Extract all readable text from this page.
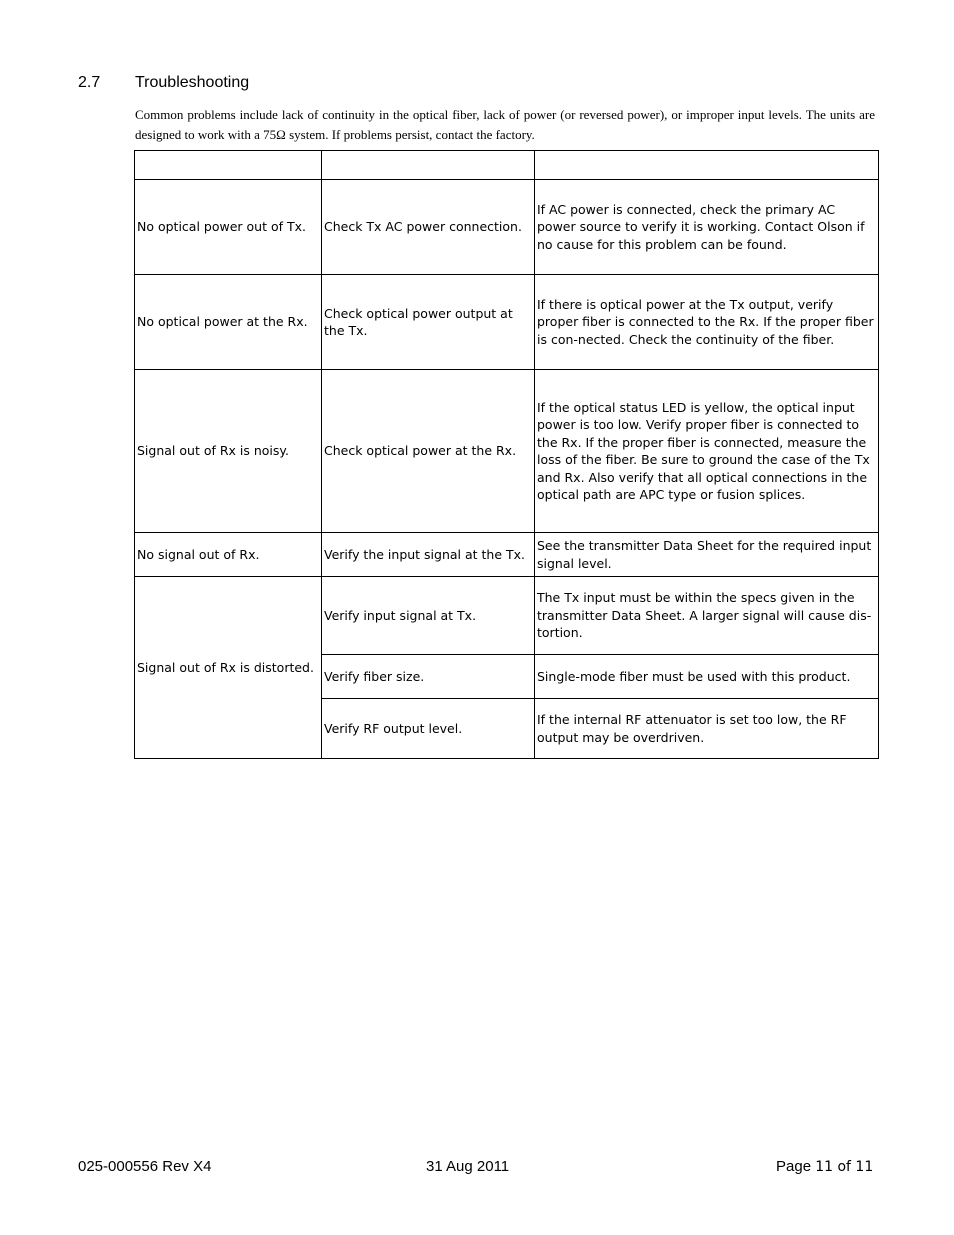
2.7 Troubleshooting
Common problems include lack of continuity in the optical fiber, lack of power (or reversed power), or improper input levels. The units are designed to work with a 75Ω system. If problems persist, contact the factory.

No optical power out of Tx.	Check Tx AC power connection.	If AC power is connected, check the primary AC power source to verify it is working. Contact Olson if no cause for this problem can be found.
No optical power at the Rx.	Check optical power output at the Tx.	If there is optical power at the Tx output, verify proper fiber is connected to the Rx. If the proper fiber is con-nected. Check the continuity of the fiber.
Signal out of Rx is noisy.	Check optical power at the Rx.	If the optical status LED is yellow, the optical input power is too low. Verify proper fiber is connected to the Rx. If the proper fiber is connected, measure the loss of the fiber. Be sure to ground the case of the Tx and Rx. Also verify that all optical connections in the optical path are APC type or fusion splices.
No signal out of Rx.	Verify the input signal at the Tx.	See the transmitter Data Sheet for the required input signal level.
Signal out of Rx is distorted.	Verify input signal at Tx.	The Tx input must be within the specs given in the transmitter Data Sheet. A larger signal will cause dis-tortion.
	Verify fiber size.	Single-mode fiber must be used with this product.
	Verify RF output level.	If the internal RF attenuator is set too low, the RF output may be overdriven.
025-000556 Rev X4	31 Aug 2011	Page 11 of 11
